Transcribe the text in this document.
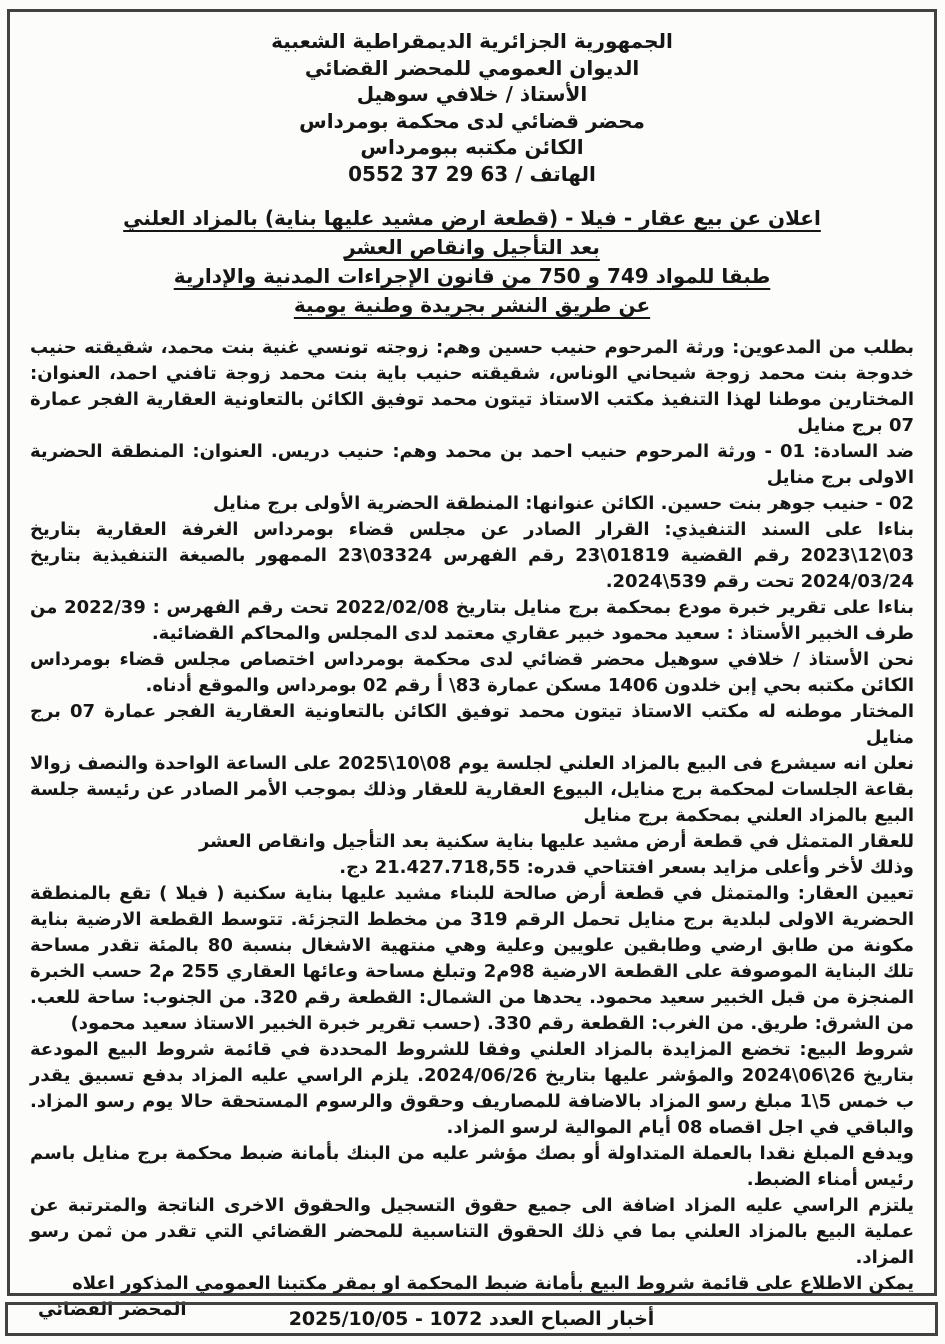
الجمهورية الجزائرية الديمقراطية الشعبية
الديوان العمومي للمحضر القضائي
الأستاذ / خلافي سوهيل
محضر قضائي لدى محكمة بومرداس
الكائن مكتبه ببومرداس
الهاتف / 63 29 37 0552
اعلان عن بيع عقار - فيلا - (قطعة ارض مشيد عليها بناية) بالمزاد العلني
بعد التأجيل وانقاص العشر
طبقا للمواد 749 و 750 من قانون الإجراءات المدنية والإدارية
عن طريق النشر بجريدة وطنية يومية

بطلب من المدعوين: ورثة المرحوم حنيب حسين وهم: زوجته تونسي غنية بنت محمد، شقيقته حنيب خدوجة بنت محمد زوجة شيحاني الوناس، شقيقته حنيب باية بنت محمد زوجة تافني احمد، العنوان: المختارين موطنا لهذا التنفيذ مكتب الاستاذ تيتون محمد توفيق الكائن بالتعاونية العقارية الفجر عمارة 07 برج منايل

ضد السادة: 01 - ورثة المرحوم حنيب احمد بن محمد وهم: حنيب دريس. العنوان: المنطقة الحضرية الاولى برج منايل

02 - حنيب جوهر بنت حسين. الكائن عنوانها: المنطقة الحضرية الأولى برج منايل

بناءا على السند التنفيذي: القرار الصادر عن مجلس قضاء بومرداس الغرفة العقارية بتاريخ 03\12\2023 رقم القضية 01819\23 رقم الفهرس 03324\23 الممهور بالصيغة التنفيذية بتاريخ 2024/03/24 تحت رقم 539\2024.

بناءا على تقرير خبرة مودع بمحكمة برج منايل بتاريخ 2022/02/08 تحت رقم الفهرس : 2022/39 من طرف الخبير الأستاذ : سعيد محمود خبير عقاري معتمد لدى المجلس والمحاكم القضائية.

نحن الأستاذ / خلافي سوهيل محضر قضائي لدى محكمة بومرداس اختصاص مجلس قضاء بومرداس الكائن مكتبه بحي إبن خلدون 1406 مسكن عمارة 83\ أ رقم 02 بومرداس والموقع أدناه.

المختار موطنه له مكتب الاستاذ تيتون محمد توفيق الكائن بالتعاونية العقارية الفجر عمارة 07 برج منايل

نعلن انه سيشرع فى البيع بالمزاد العلني لجلسة يوم 08\10\2025 على الساعة الواحدة والنصف زوالا بقاعة الجلسات لمحكمة برج منايل، البيوع العقارية للعقار وذلك بموجب الأمر الصادر عن رئيسة جلسة البيع بالمزاد العلني بمحكمة برج منايل

للعقار المتمثل في قطعة أرض مشيد عليها بناية سكنية بعد التأجيل وانقاص العشر

وذلك لأخر وأعلى مزايد بسعر افتتاحي قدره: 21.427.718,55 دج.

تعيين العقار: والمتمثل في قطعة أرض صالحة للبناء مشيد عليها بناية سكنية ( فيلا ) تقع بالمنطقة الحضرية الاولى لبلدية برج منايل تحمل الرقم 319 من مخطط التجزئة. تتوسط القطعة الارضية بناية مكونة من طابق ارضي وطابقين علويين وعلية وهي منتهية الاشغال بنسبة 80 بالمئة تقدر مساحة تلك البناية الموصوفة على القطعة الارضية 98م2 وتبلغ مساحة وعائها العقاري 255 م2 حسب الخبرة المنجزة من قبل الخبير سعيد محمود. يحدها من الشمال: القطعة رقم 320. من الجنوب: ساحة للعب. من الشرق: طريق. من الغرب: القطعة رقم 330. (حسب تقرير خبرة الخبير الاستاذ سعيد محمود)

شروط البيع: تخضع المزايدة بالمزاد العلني وفقا للشروط المحددة في قائمة شروط البيع المودعة بتاريخ 26\06\2024 والمؤشر عليها بتاريخ 2024/06/26. يلزم الراسي عليه المزاد بدفع تسبيق يقدر ب خمس 5\1 مبلغ رسو المزاد بالاضافة للمصاريف وحقوق والرسوم المستحقة حالا يوم رسو المزاد. والباقي في اجل اقصاه 08 أيام الموالية لرسو المزاد.

ويدفع المبلغ نقدا بالعملة المتداولة أو بصك مؤشر عليه من البنك بأمانة ضبط محكمة برج منايل باسم رئيس أمناء الضبط.

يلتزم الراسي عليه المزاد اضافة الى جميع حقوق التسجيل والحقوق الاخرى الناتجة والمترتبة عن عملية البيع بالمزاد العلني بما في ذلك الحقوق التناسبية للمحضر القضائي التي تقدر من ثمن رسو المزاد.

يمكن الاطلاع على قائمة شروط البيع بأمانة ضبط المحكمة او بمقر مكتبنا العمومي المذكور اعلاه

المحضر القضائي	أخبار الصباح العدد 1072 - 2025/10/05
